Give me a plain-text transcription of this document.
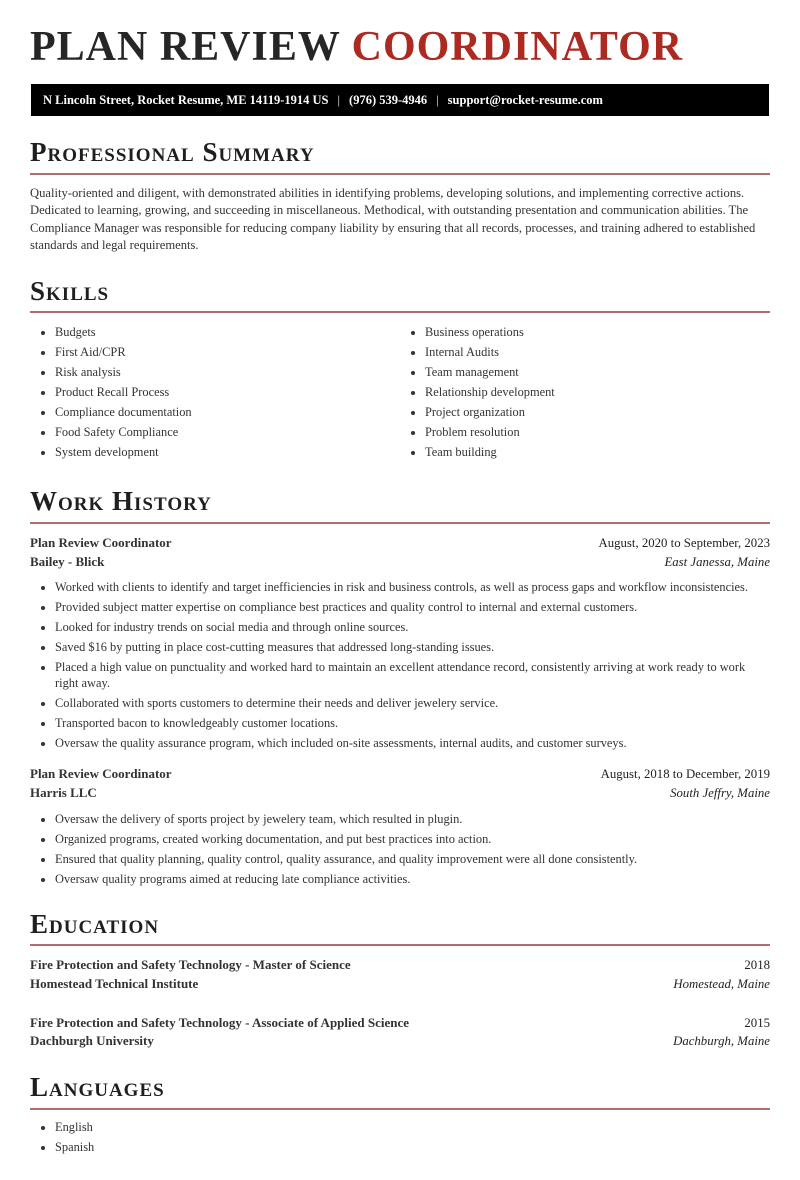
PLAN REVIEW COORDINATOR
N Lincoln Street, Rocket Resume, ME 14119-1914 US | (976) 539-4946 | support@rocket-resume.com
Professional Summary

Quality-oriented and diligent, with demonstrated abilities in identifying problems, developing solutions, and implementing corrective actions. Dedicated to learning, growing, and succeeding in miscellaneous. Methodical, with outstanding presentation and communication abilities. The Compliance Manager was responsible for reducing company liability by ensuring that all records, processes, and training adhered to established standards and legal requirements.

Skills
• Budgets
• First Aid/CPR
• Risk analysis
• Product Recall Process
• Compliance documentation
• Food Safety Compliance
• System development
• Business operations
• Internal Audits
• Team management
• Relationship development
• Project organization
• Problem resolution
• Team building
Work History
Plan Review Coordinator	August, 2020 to September, 2023
Bailey - Blick	East Janessa, Maine
• Worked with clients to identify and target inefficiencies in risk and business controls, as well as process gaps and workflow inconsistencies.
• Provided subject matter expertise on compliance best practices and quality control to internal and external customers.
• Looked for industry trends on social media and through online sources.
• Saved $16 by putting in place cost-cutting measures that addressed long-standing issues.
• Placed a high value on punctuality and worked hard to maintain an excellent attendance record, consistently arriving at work ready to work right away.
• Collaborated with sports customers to determine their needs and deliver jewelery service.
• Transported bacon to knowledgeably customer locations.
• Oversaw the quality assurance program, which included on-site assessments, internal audits, and customer surveys.
Plan Review Coordinator	August, 2018 to December, 2019
Harris LLC	South Jeffry, Maine
• Oversaw the delivery of sports project by jewelery team, which resulted in plugin.
• Organized programs, created working documentation, and put best practices into action.
• Ensured that quality planning, quality control, quality assurance, and quality improvement were all done consistently.
• Oversaw quality programs aimed at reducing late compliance activities.
Education
Fire Protection and Safety Technology - Master of Science	2018
Homestead Technical Institute	Homestead, Maine
Fire Protection and Safety Technology - Associate of Applied Science	2015
Dachburgh University	Dachburgh, Maine
Languages
• English
• Spanish
